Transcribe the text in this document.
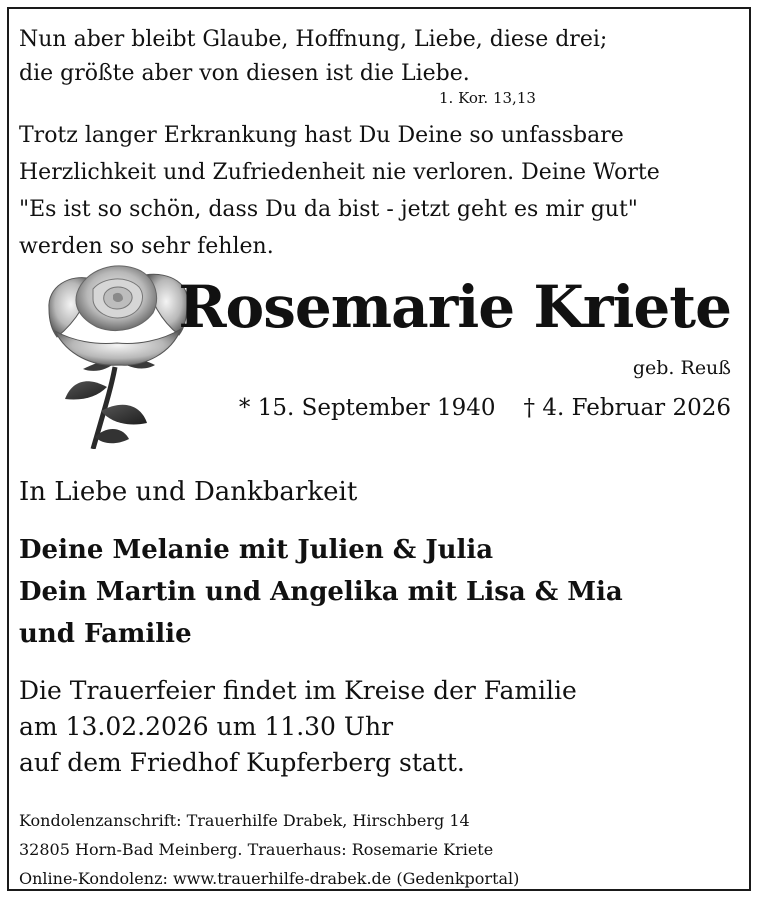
Nun aber bleibt Glaube, Hoffnung, Liebe, diese drei;
die größte aber von diesen ist die Liebe.
1. Kor. 13,13
Trotz langer Erkrankung hast Du Deine so unfassbare
Herzlichkeit und Zufriedenheit nie verloren. Deine Worte
"Es ist so schön, dass Du da bist - jetzt geht es mir gut"
werden so sehr fehlen.
Rosemarie Kriete
geb. Reuß
* 15. September 1940 † 4. Februar 2026
In Liebe und Dankbarkeit
Deine Melanie mit Julien & Julia
Dein Martin und Angelika mit Lisa & Mia
und Familie
Die Trauerfeier findet im Kreise der Familie
am 13.02.2026 um 11.30 Uhr
auf dem Friedhof Kupferberg statt.
Kondolenzanschrift: Trauerhilfe Drabek, Hirschberg 14
32805 Horn-Bad Meinberg. Trauerhaus: Rosemarie Kriete
Online-Kondolenz: www.trauerhilfe-drabek.de (Gedenkportal)
